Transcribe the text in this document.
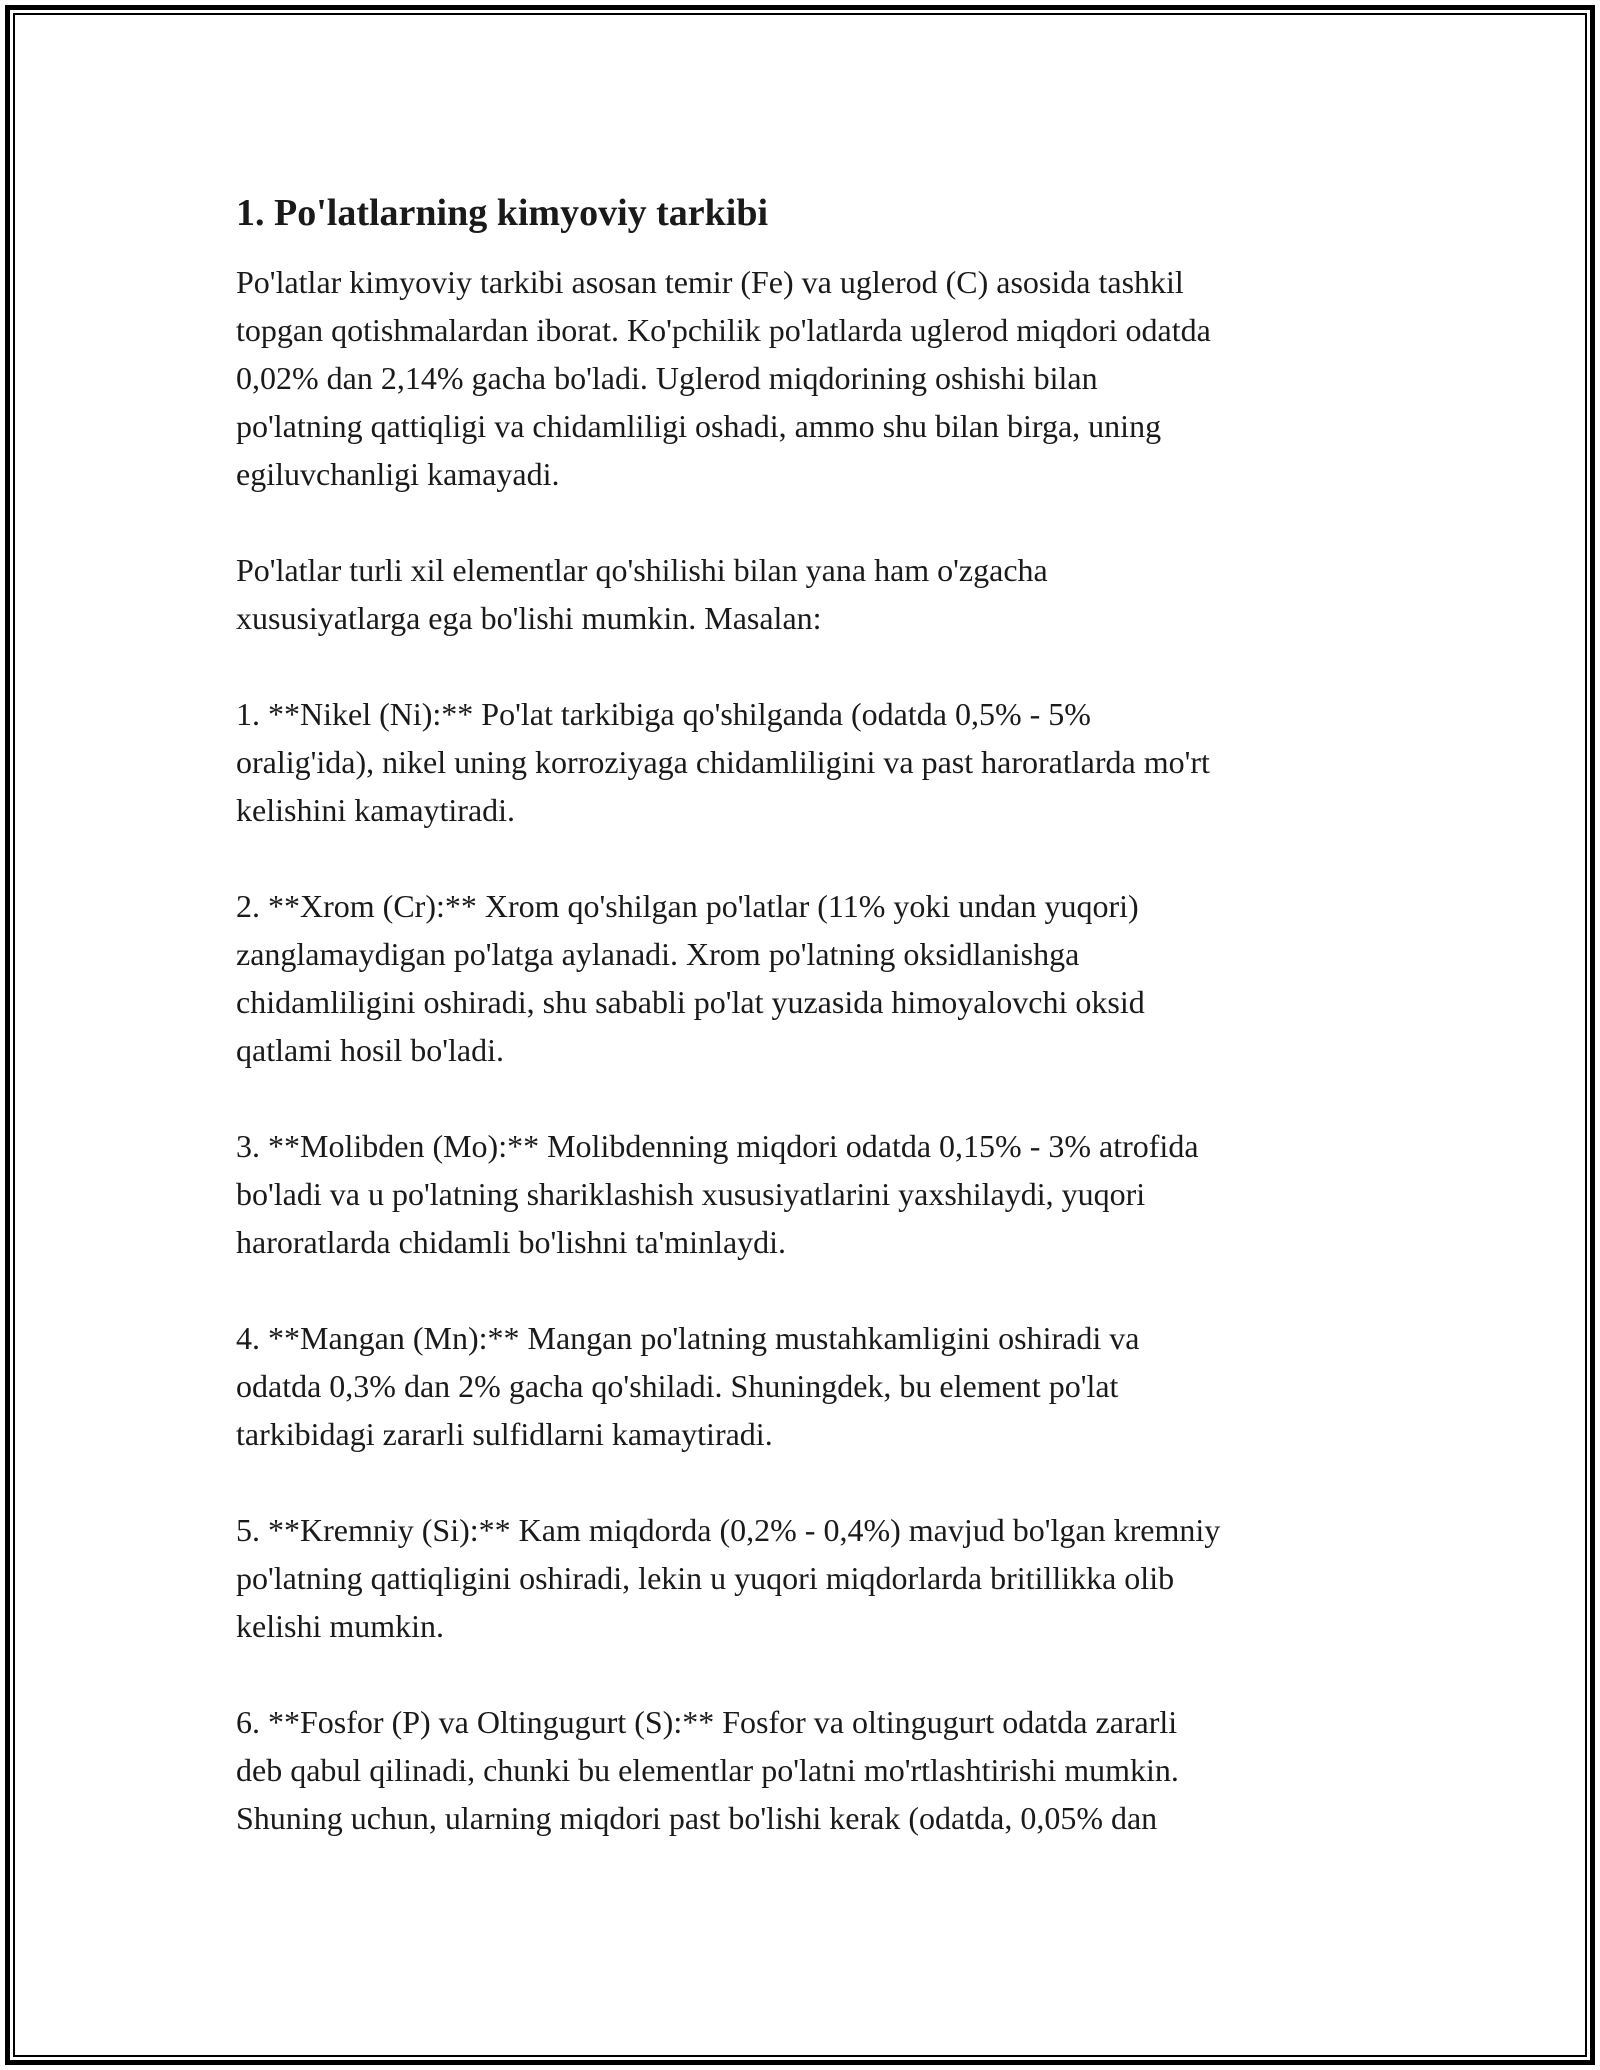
1. Po'latlarning kimyoviy tarkibi

Po'latlar kimyoviy tarkibi asosan temir (Fe) va uglerod (C) asosida tashkil
topgan qotishmalardan iborat. Ko'pchilik po'latlarda uglerod miqdori odatda
0,02% dan 2,14% gacha bo'ladi. Uglerod miqdorining oshishi bilan
po'latning qattiqligi va chidamliligi oshadi, ammo shu bilan birga, uning
egiluvchanligi kamayadi.

Po'latlar turli xil elementlar qo'shilishi bilan yana ham o'zgacha
xususiyatlarga ega bo'lishi mumkin. Masalan:

1. **Nikel (Ni):** Po'lat tarkibiga qo'shilganda (odatda 0,5% - 5%
oralig'ida), nikel uning korroziyaga chidamliligini va past haroratlarda mo'rt
kelishini kamaytiradi.

2. **Xrom (Cr):** Xrom qo'shilgan po'latlar (11% yoki undan yuqori)
zanglamaydigan po'latga aylanadi. Xrom po'latning oksidlanishga
chidamliligini oshiradi, shu sababli po'lat yuzasida himoyalovchi oksid
qatlami hosil bo'ladi.

3. **Molibden (Mo):** Molibdenning miqdori odatda 0,15% - 3% atrofida
bo'ladi va u po'latning shariklashish xususiyatlarini yaxshilaydi, yuqori
haroratlarda chidamli bo'lishni ta'minlaydi.

4. **Mangan (Mn):** Mangan po'latning mustahkamligini oshiradi va
odatda 0,3% dan 2% gacha qo'shiladi. Shuningdek, bu element po'lat
tarkibidagi zararli sulfidlarni kamaytiradi.

5. **Kremniy (Si):** Kam miqdorda (0,2% - 0,4%) mavjud bo'lgan kremniy
po'latning qattiqligini oshiradi, lekin u yuqori miqdorlarda britillikka olib
kelishi mumkin.

6. **Fosfor (P) va Oltingugurt (S):** Fosfor va oltingugurt odatda zararli
deb qabul qilinadi, chunki bu elementlar po'latni mo'rtlashtirishi mumkin.
Shuning uchun, ularning miqdori past bo'lishi kerak (odatda, 0,05% dan
